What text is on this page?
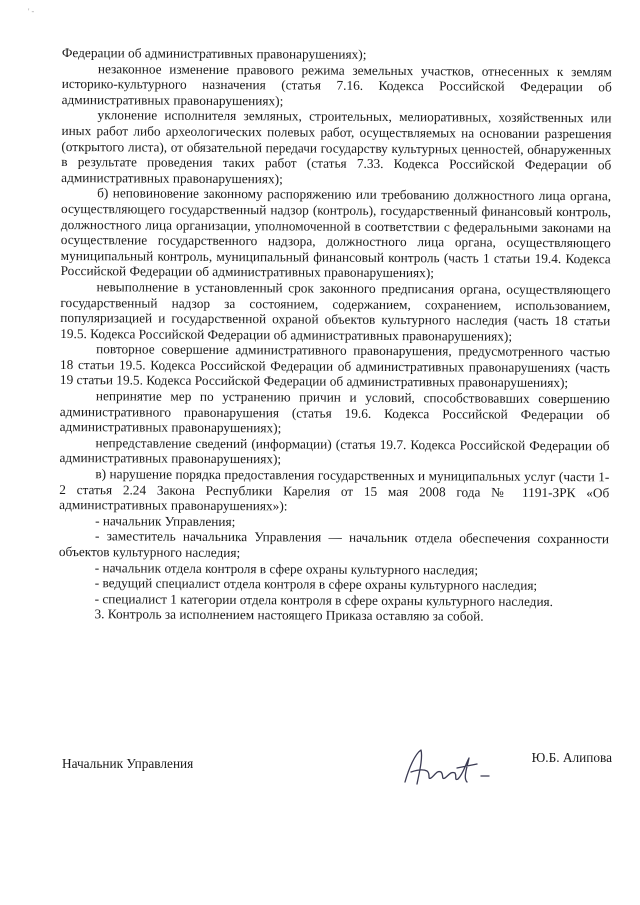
' -

Федерации об административных правонарушениях);

незаконное изменение правового режима земельных участков, отнесенных к землям историко-культурного назначения (статья 7.16. Кодекса Российской Федерации об административных правонарушениях);

уклонение исполнителя земляных, строительных, мелиоративных, хозяйственных или иных работ либо археологических полевых работ, осуществляемых на основании разрешения (открытого листа), от обязательной передачи государству культурных ценностей, обнаруженных в результате проведения таких работ (статья 7.33. Кодекса Российской Федерации об административных правонарушениях);

б) неповиновение законному распоряжению или требованию должностного лица органа, осуществляющего государственный надзор (контроль), государственный финансовый контроль, должностного лица организации, уполномоченной в соответствии с федеральными законами на осуществление государственного надзора, должностного лица органа, осуществляющего муниципальный контроль, муниципальный финансовый контроль (часть 1 статьи 19.4. Кодекса Российской Федерации об административных правонарушениях);

невыполнение в установленный срок законного предписания органа, осуществляющего государственный надзор за состоянием, содержанием, сохранением, использованием, популяризацией и государственной охраной объектов культурного наследия (часть 18 статьи 19.5. Кодекса Российской Федерации об административных правонарушениях);

повторное совершение административного правонарушения, предусмотренного частью 18 статьи 19.5. Кодекса Российской Федерации об административных правонарушениях (часть 19 статьи 19.5. Кодекса Российской Федерации об административных правонарушениях);

непринятие мер по устранению причин и условий, способствовавших совершению административного правонарушения (статья 19.6. Кодекса Российской Федерации об административных правонарушениях);

непредставление сведений (информации) (статья 19.7. Кодекса Российской Федерации об административных правонарушениях);

в) нарушение порядка предоставления государственных и муниципальных услуг (части 1-2 статья 2.24 Закона Республики Карелия от 15 мая 2008 года № 1191-ЗРК «Об административных правонарушениях»):

- начальник Управления;

- заместитель начальника Управления — начальник отдела обеспечения сохранности объектов культурного наследия;

- начальник отдела контроля в сфере охраны культурного наследия;

- ведущий специалист отдела контроля в сфере охраны культурного наследия;

- специалист 1 категории отдела контроля в сфере охраны культурного наследия.

3. Контроль за исполнением настоящего Приказа оставляю за собой.

Начальник Управления	Ю.Б. Алипова
